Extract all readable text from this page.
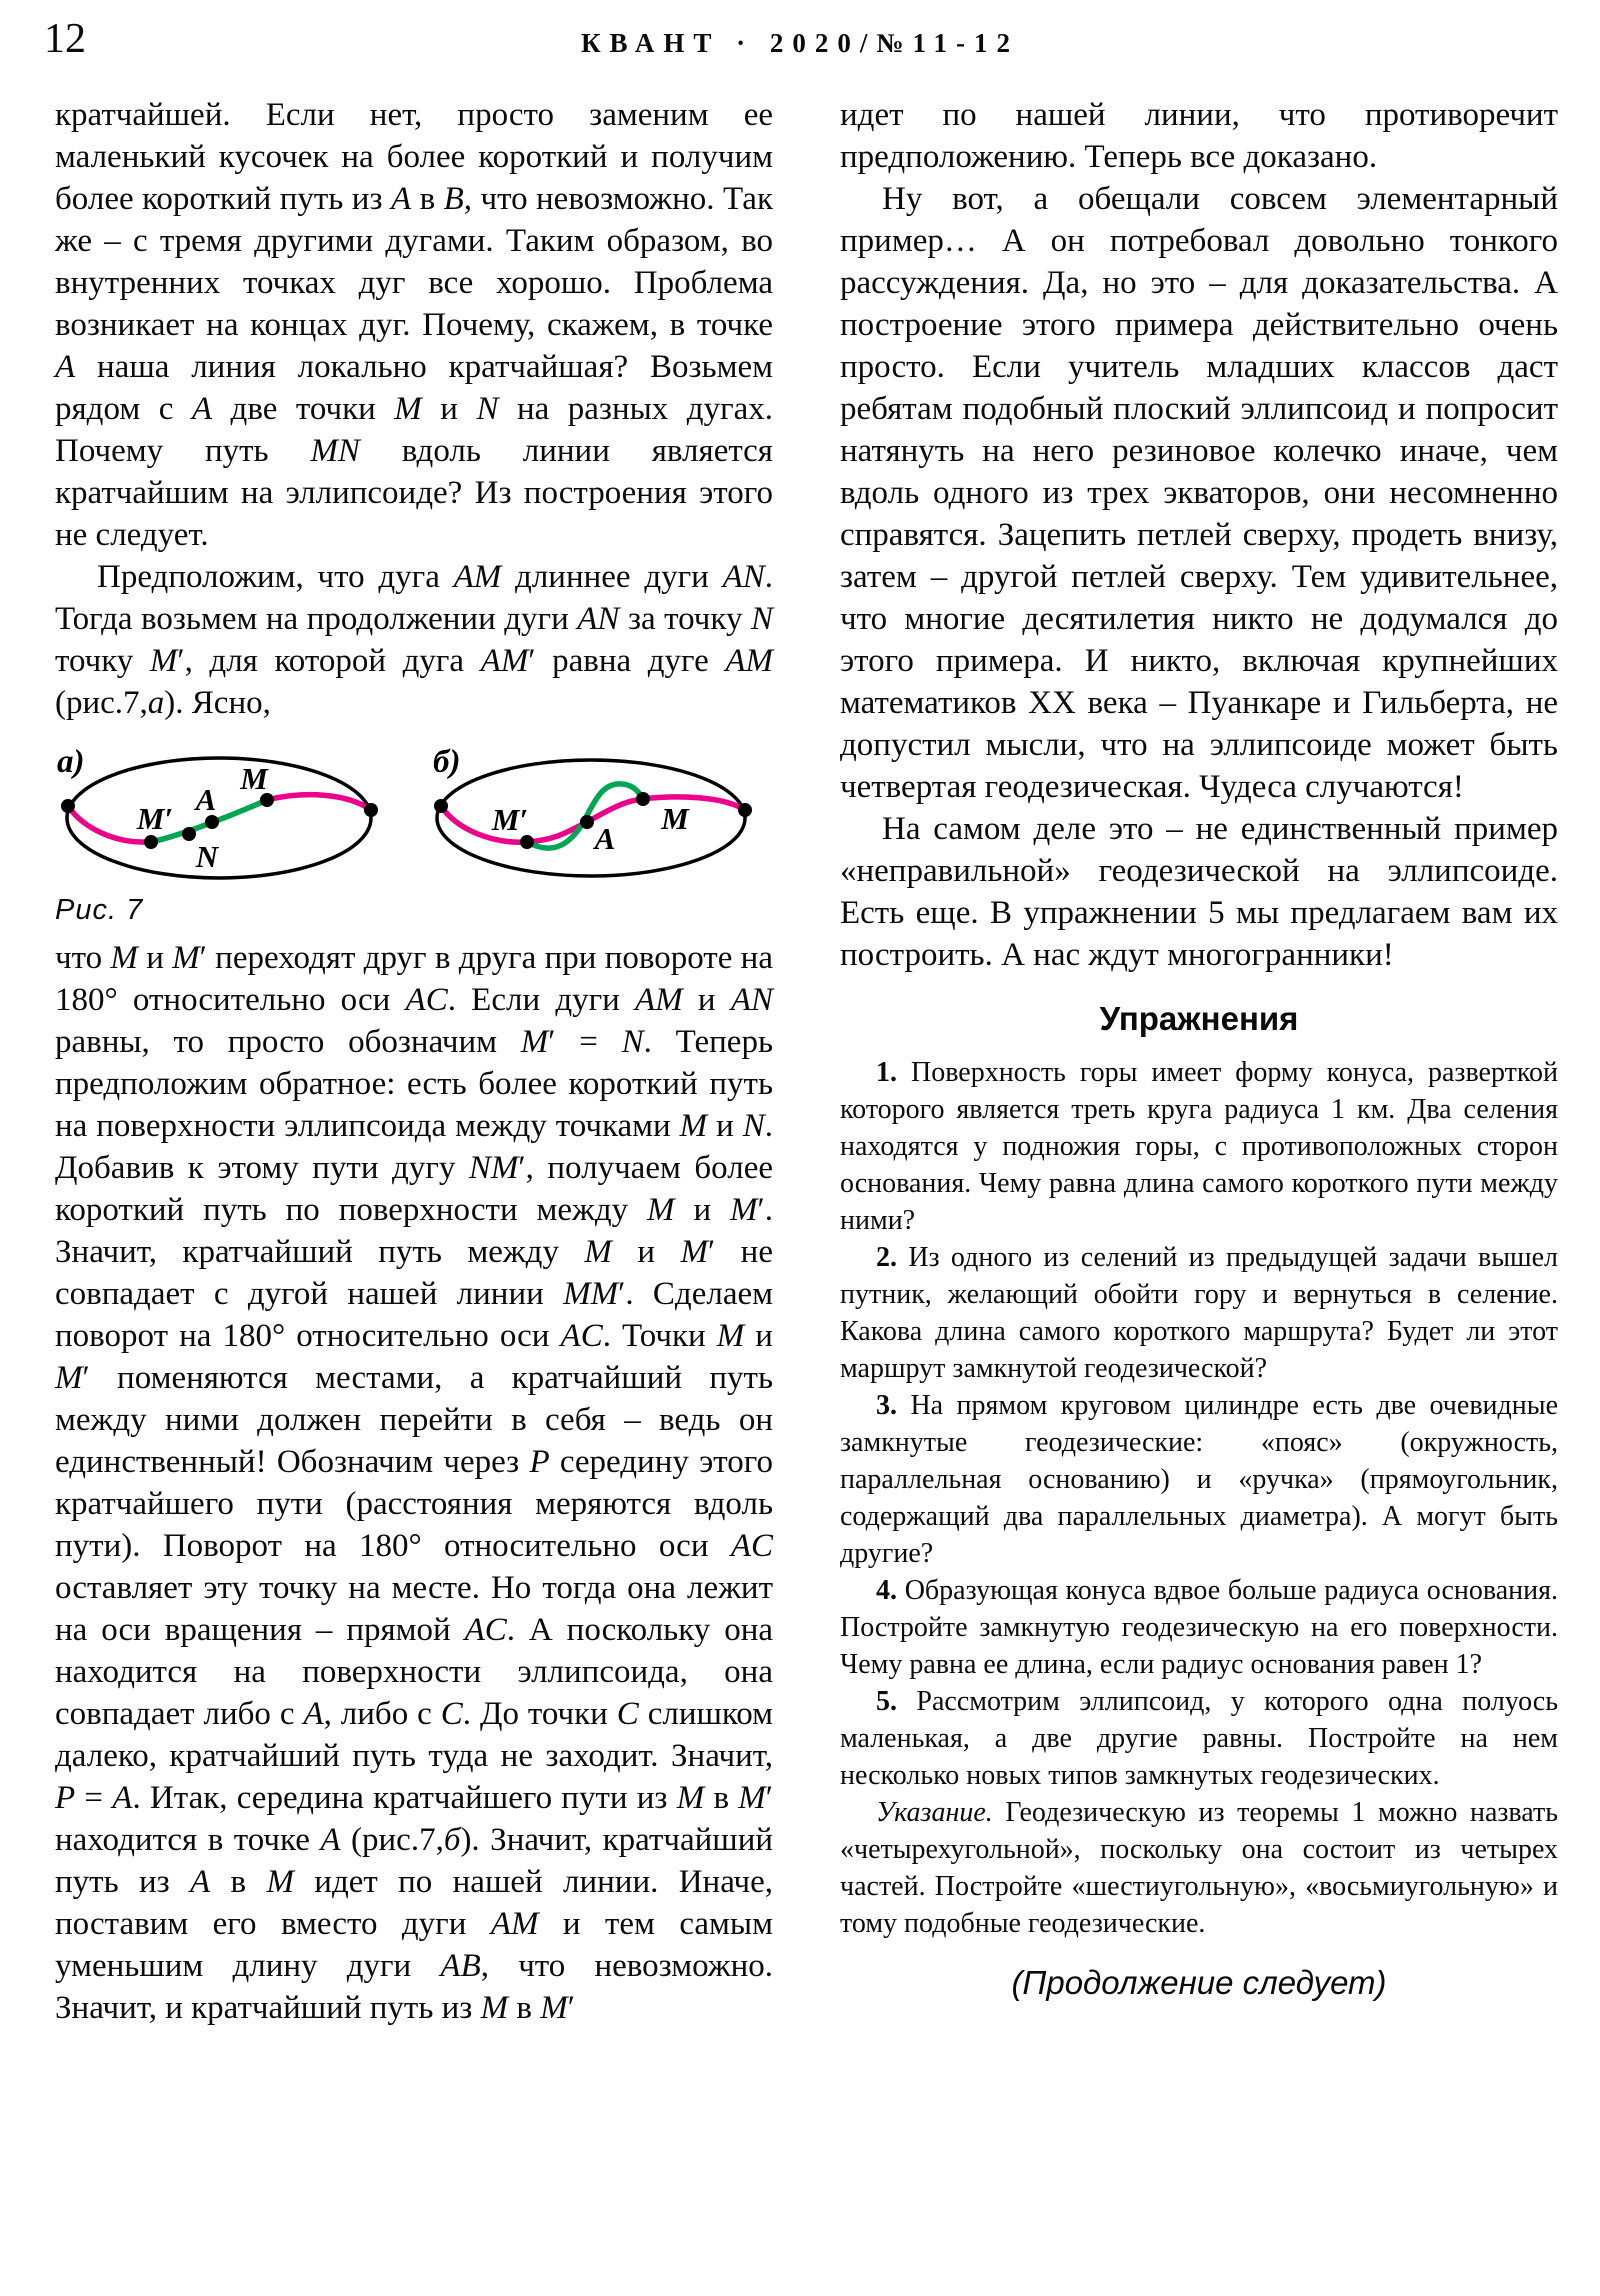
12	КВАНТ · 2020/№11-12

кратчайшей. Если нет, просто заменим ее маленький кусочек на более короткий и получим более короткий путь из A в B, что невозможно. Так же – с тремя другими дугами. Таким образом, во внутренних точках дуг все хорошо. Проблема возникает на концах дуг. Почему, скажем, в точке A наша линия локально кратчайшая? Возьмем рядом с A две точки M и N на разных дугах. Почему путь MN вдоль линии является кратчайшим на эллипсоиде? Из построения этого не следует.

Предположим, что дуга AM длиннее дуги AN. Тогда возьмем на продолжении дуги AN за точку N точку M′, для которой дуга AM′ равна дуге AM (рис.7,а). Ясно,

а)
M′
N
A
M	б)
M′
A
M
Рис. 7

что M и M′ переходят друг в друга при повороте на 180° относительно оси AC. Если дуги AM и AN равны, то просто обозначим M′ = N. Теперь предположим обратное: есть более короткий путь на поверхности эллипсоида между точками M и N. Добавив к этому пути дугу NM′, получаем более короткий путь по поверхности между M и M′. Значит, кратчайший путь между M и M′ не совпадает с дугой нашей линии MM′. Сделаем поворот на 180° относительно оси AC. Точки M и M′ поменяются местами, а кратчайший путь между ними должен перейти в себя – ведь он единственный! Обозначим через P середину этого кратчайшего пути (расстояния меряются вдоль пути). Поворот на 180° относительно оси AC оставляет эту точку на месте. Но тогда она лежит на оси вращения – прямой AC. А поскольку она находится на поверхности эллипсоида, она совпадает либо с A, либо с C. До точки C слишком далеко, кратчайший путь туда не заходит. Значит, P = A. Итак, середина кратчайшего пути из M в M′ находится в точке A (рис.7,б). Значит, кратчайший путь из A в M идет по нашей линии. Иначе, поставим его вместо дуги AM и тем самым уменьшим длину дуги AB, что невозможно. Значит, и кратчайший путь из M в M′

идет по нашей линии, что противоречит предположению. Теперь все доказано.

Ну вот, а обещали совсем элементарный пример… А он потребовал довольно тонкого рассуждения. Да, но это – для доказательства. А построение этого примера действительно очень просто. Если учитель младших классов даст ребятам подобный плоский эллипсоид и попросит натянуть на него резиновое колечко иначе, чем вдоль одного из трех экваторов, они несомненно справятся. Зацепить петлей сверху, продеть внизу, затем – другой петлей сверху. Тем удивительнее, что многие десятилетия никто не додумался до этого примера. И никто, включая крупнейших математиков XX века – Пуанкаре и Гильберта, не допустил мысли, что на эллипсоиде может быть четвертая геодезическая. Чудеса случаются!

На самом деле это – не единственный пример «неправильной» геодезической на эллипсоиде. Есть еще. В упражнении 5 мы предлагаем вам их построить. А нас ждут многогранники!

Упражнения

1. Поверхность горы имеет форму конуса, разверткой которого является треть круга радиуса 1 км. Два селения находятся у подножия горы, с противоположных сторон основания. Чему равна длина самого короткого пути между ними?

2. Из одного из селений из предыдущей задачи вышел путник, желающий обойти гору и вернуться в селение. Какова длина самого короткого маршрута? Будет ли этот маршрут замкнутой геодезической?

3. На прямом круговом цилиндре есть две очевидные замкнутые геодезические: «пояс» (окружность, параллельная основанию) и «ручка» (прямоугольник, содержащий два параллельных диаметра). А могут быть другие?

4. Образующая конуса вдвое больше радиуса основания. Постройте замкнутую геодезическую на его поверхности. Чему равна ее длина, если радиус основания равен 1?

5. Рассмотрим эллипсоид, у которого одна полуось маленькая, а две другие равны. Постройте на нем несколько новых типов замкнутых геодезических.

Указание. Геодезическую из теоремы 1 можно назвать «четырехугольной», поскольку она состоит из четырех частей. Постройте «шестиугольную», «восьмиугольную» и тому подобные геодезические.

(Продолжение следует)
